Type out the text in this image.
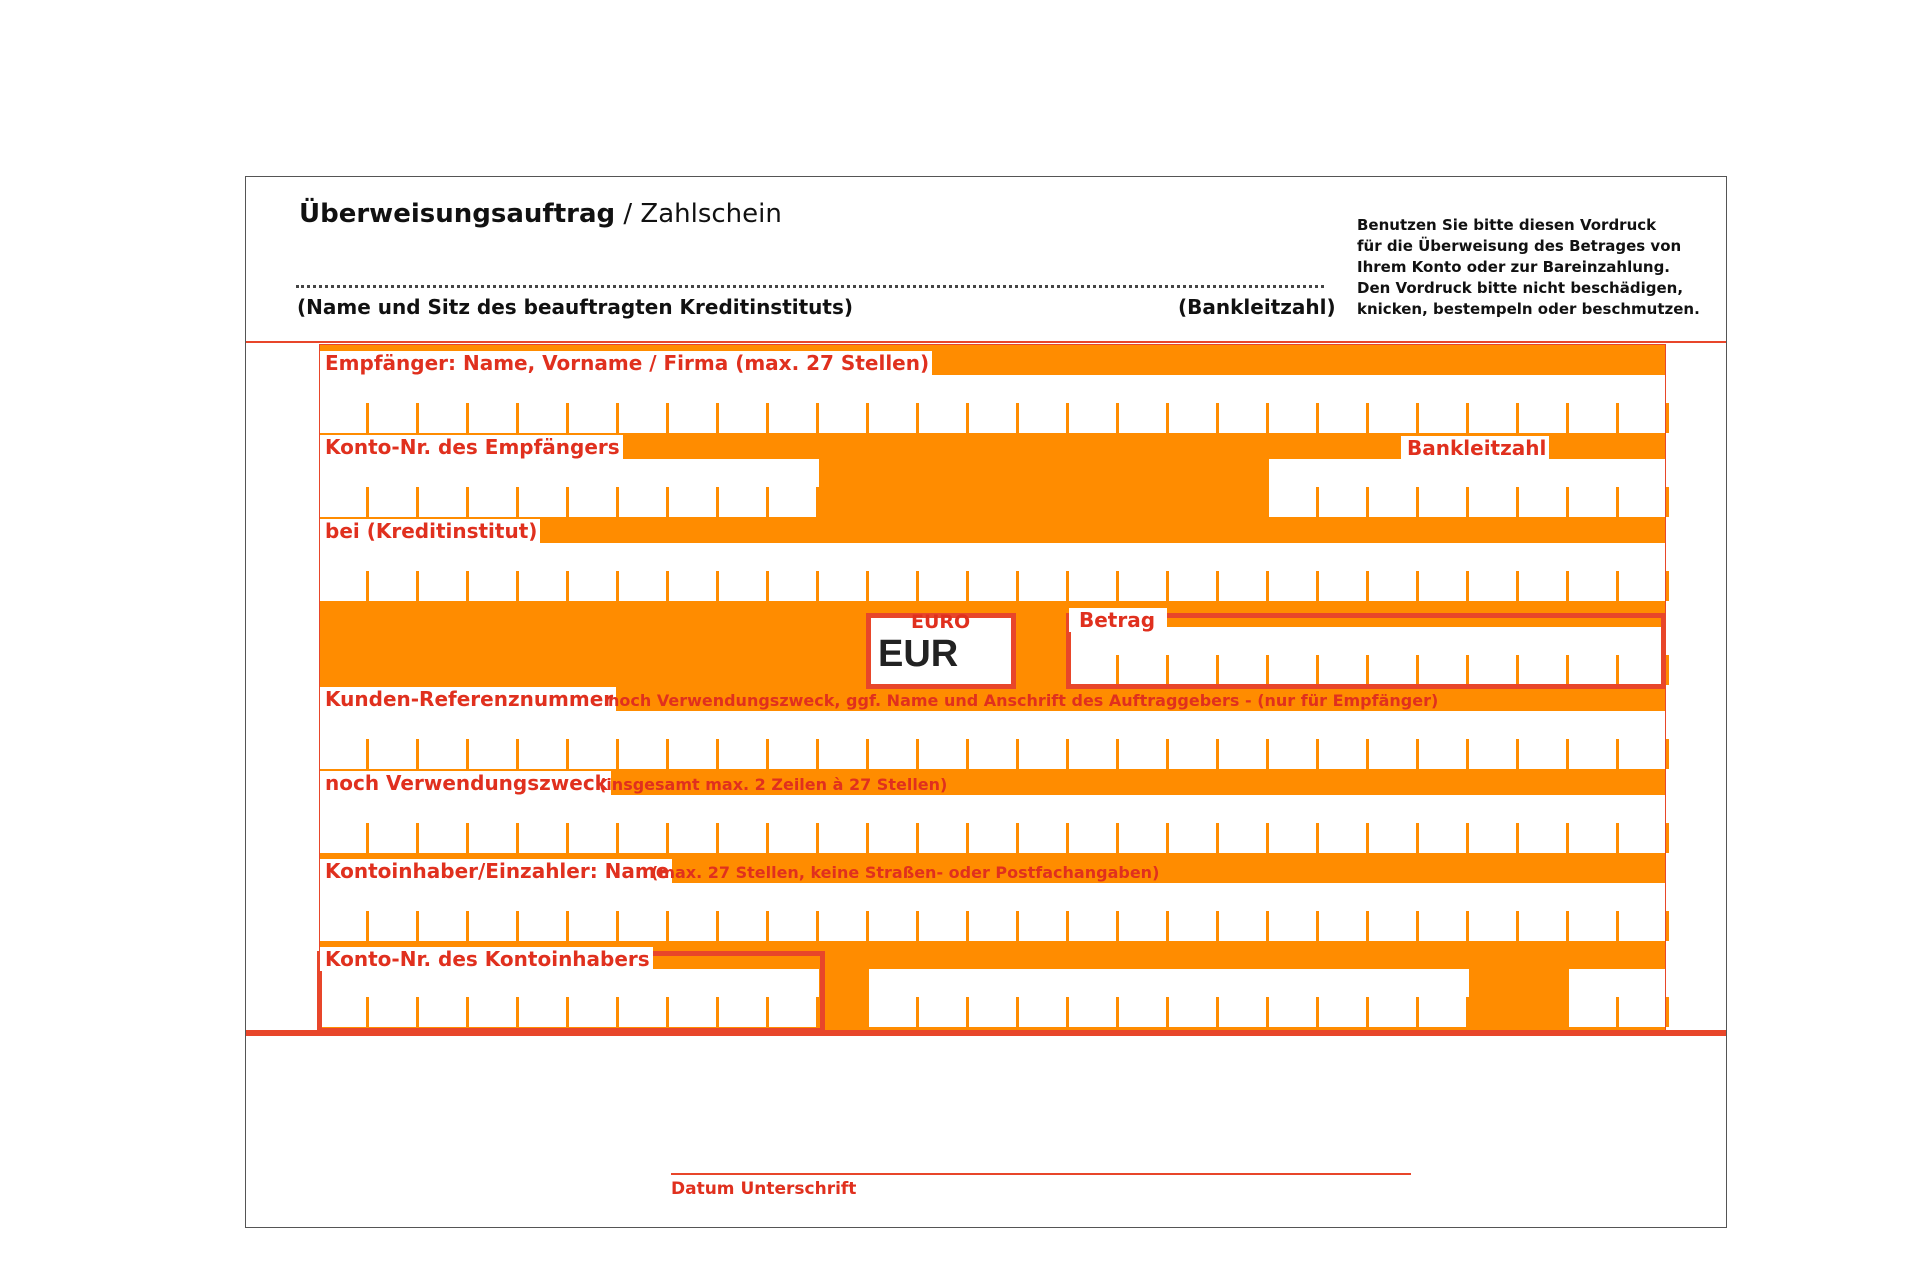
Überweisungsauftrag / Zahlschein
(Name und Sitz des beauftragten Kreditinstituts)	(Bankleitzahl)
Benutzen Sie bitte diesen Vordruck
für die Überweisung des Betrages von
Ihrem Konto oder zur Bareinzahlung.
Den Vordruck bitte nicht beschädigen,
knicken, bestempeln oder beschmutzen.
Empfänger: Name, Vorname / Firma (max. 27 Stellen)
Konto-Nr. des Empfängers	Bankleitzahl
bei (Kreditinstitut)
EURO
EUR
Betrag
Kunden-Referenznummer
noch Verwendungszweck, ggf. Name und Anschrift des Auftraggebers - (nur für Empfänger)
noch Verwendungszweck
(insgesamt max. 2 Zeilen à 27 Stellen)
Kontoinhaber/Einzahler: Name
(max. 27 Stellen, keine Straßen- oder Postfachangaben)
Konto-Nr. des Kontoinhabers
Datum Unterschrift
